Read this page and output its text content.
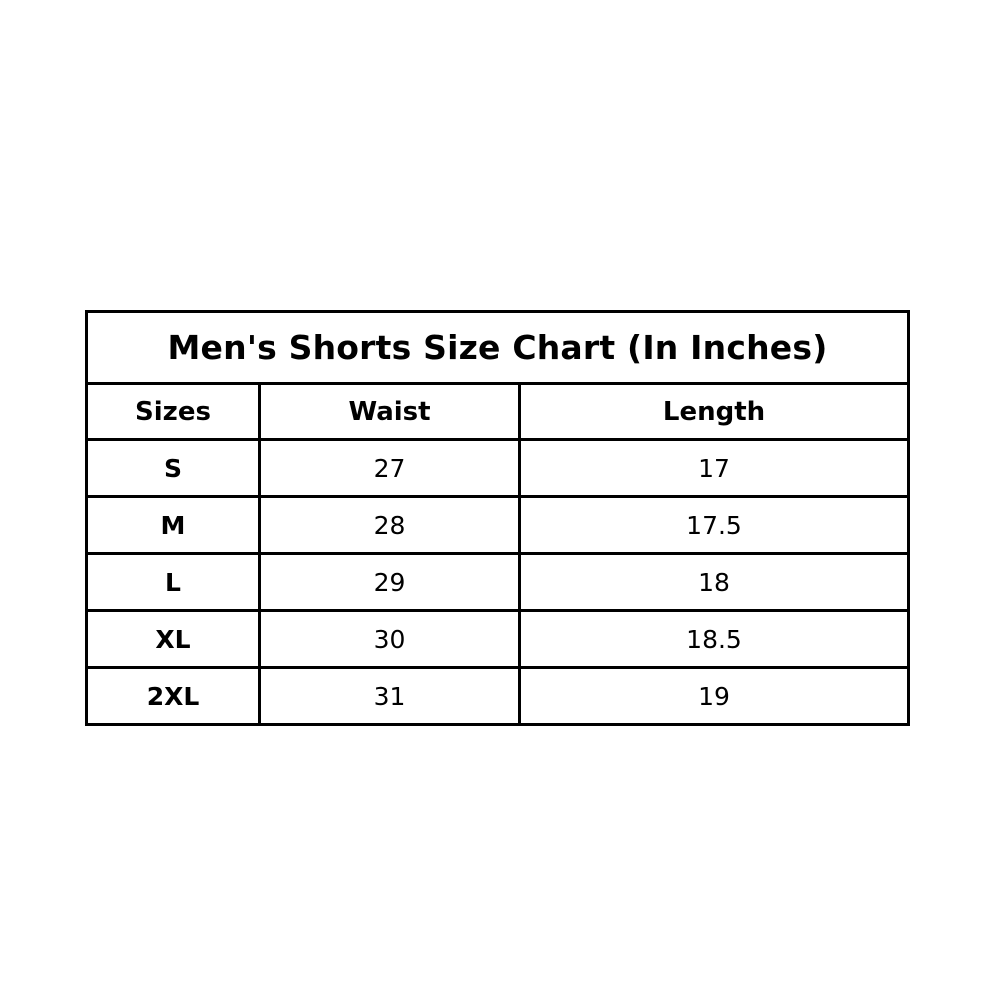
Men's Shorts Size Chart (In Inches)		
Sizes	Waist	Length
S	27	17
M	28	17.5
L	29	18
XL	30	18.5
2XL	31	19
